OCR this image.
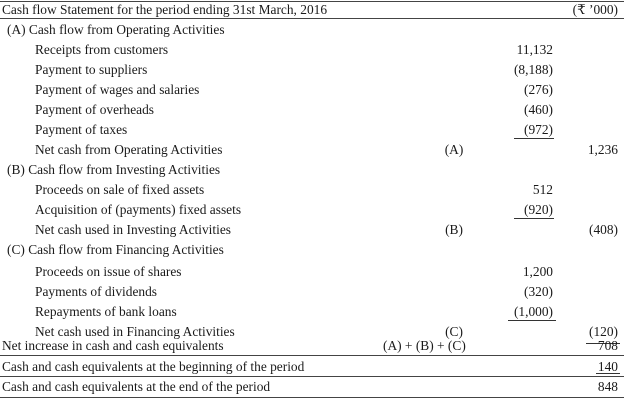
Cash flow Statement for the period ending 31st March, 2016	(₹ ’000)
(A) Cash flow from Operating Activities
Receipts from customers	11,132
Payment to suppliers	(8,188)
Payment of wages and salaries	(276)
Payment of overheads	(460)
Payment of taxes	(972)
Net cash from Operating Activities	(A)	1,236
(B) Cash flow from Investing Activities
Proceeds on sale of fixed assets	512
Acquisition of (payments) fixed assets	(920)
Net cash used in Investing Activities	(B)	(408)
(C) Cash flow from Financing Activities
Proceeds on issue of shares	1,200
Payments of dividends	(320)
Repayments of bank loans	(1,000)
Net cash used in Financing Activities	(C)	(120)
Net increase in cash and cash equivalents	(A) + (B) + (C)	708
Cash and cash equivalents at the beginning of the period	140
Cash and cash equivalents at the end of the period	848
